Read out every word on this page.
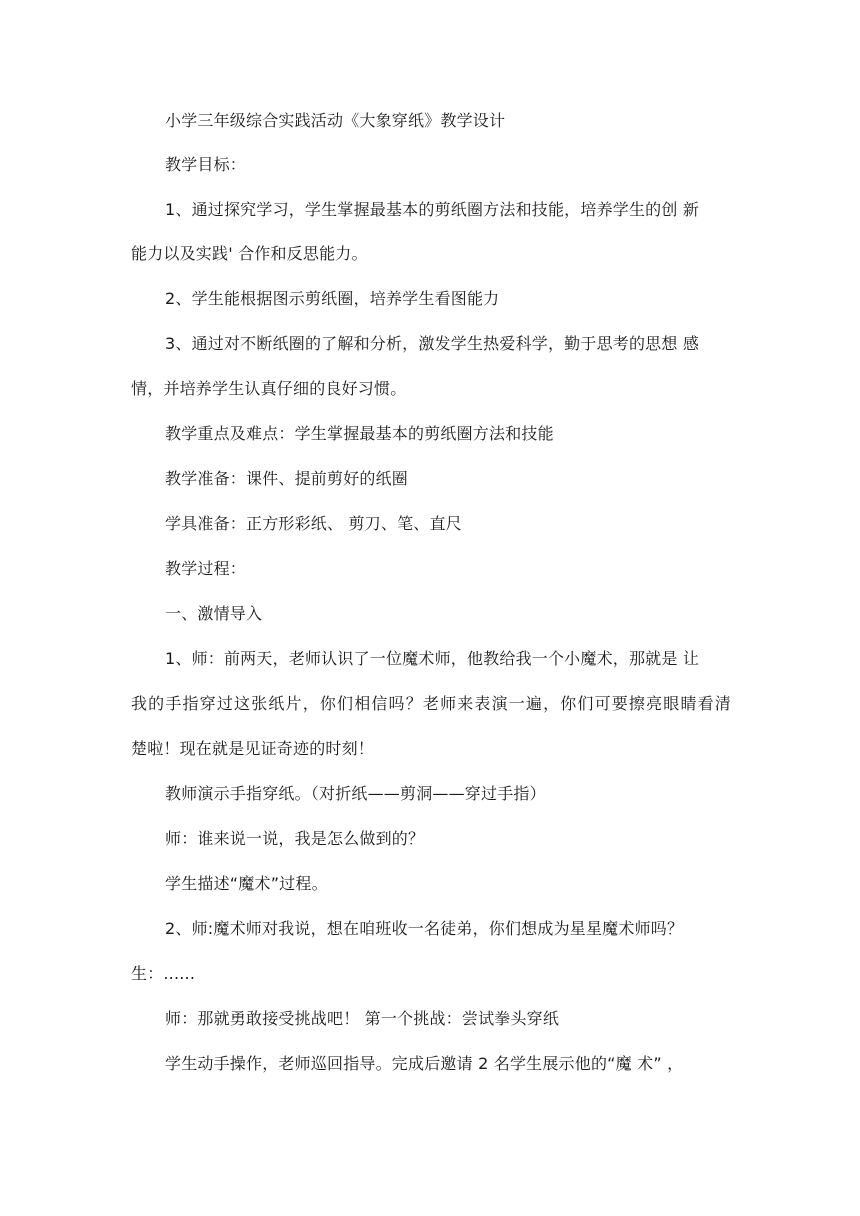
小学三年级综合实践活动《大象穿纸》教学设计
教学目标：
1、通过探究学习，学生掌握最基本的剪纸圈方法和技能，培养学生的创 新
能力以及实践' 合作和反思能力。
2、学生能根据图示剪纸圈，培养学生看图能力
3、通过对不断纸圈的了解和分析，激发学生热爱科学，勤于思考的思想 感
情，并培养学生认真仔细的良好习惯。
教学重点及难点：学生掌握最基本的剪纸圈方法和技能
教学准备：课件、提前剪好的纸圈
学具准备：正方形彩纸、 剪刀、笔、直尺
教学过程：
一、激情导入
1、师：前两天，老师认识了一位魔术师，他教给我一个小魔术，那就是 让
我的手指穿过这张纸片，你们相信吗？老师来表演一遍，你们可要擦亮眼睛看清
楚啦！现在就是见证奇迹的时刻！
教师演示手指穿纸。（对折纸——剪洞——穿过手指）
师：谁来说一说，我是怎么做到的？
学生描述“魔术”过程。
2、师:魔术师对我说，想在咱班收一名徒弟，你们想成为星星魔术师吗？
生：......
师：那就勇敢接受挑战吧！ 第一个挑战：尝试拳头穿纸
学生动手操作，老师巡回指导。完成后邀请 2 名学生展示他的“魔 术” ，
